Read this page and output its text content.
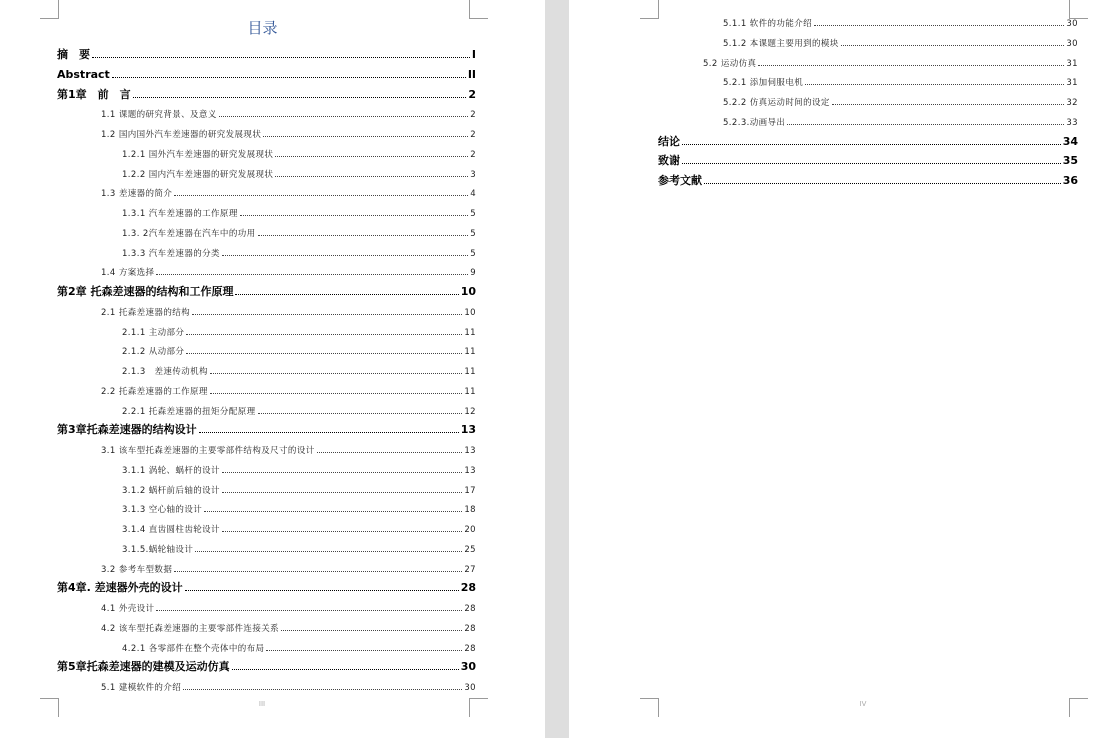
目录
摘　要	I
Abstract	II
第1章　前　言	2
1.1 课题的研究背景、及意义	2
1.2 国内国外汽车差速器的研究发展现状	2
1.2.1 国外汽车差速器的研究发展现状	2
1.2.2 国内汽车差速器的研究发展现状	3
1.3 差速器的简介	4
1.3.1 汽车差速器的工作原理	5
1.3. 2汽车差速器在汽车中的功用	5
1.3.3 汽车差速器的分类	5
1.4 方案选择	9
第2章 托森差速器的结构和工作原理	10
2.1 托森差速器的结构	10
2.1.1 主动部分	11
2.1.2 从动部分	11
2.1.3　差速传动机构	11
2.2 托森差速器的工作原理	11
2.2.1 托森差速器的扭矩分配原理	12
第3章托森差速器的结构设计	13
3.1 该车型托森差速器的主要零部件结构及尺寸的设计	13
3.1.1 涡轮、蜗杆的设计	13
3.1.2 蜗杆前后轴的设计	17
3.1.3 空心轴的设计	18
3.1.4 直齿圆柱齿轮设计	20
3.1.5.蜗轮轴设计	25
3.2 参考车型数据	27
第4章. 差速器外壳的设计	28
4.1 外壳设计	28
4.2 该车型托森差速器的主要零部件连接关系	28
4.2.1 各零部件在整个壳体中的布局	28
第5章托森差速器的建模及运动仿真	30
5.1 建模软件的介绍	30
III
5.1.1 软件的功能介绍	30
5.1.2 本课题主要用到的模块	30
5.2 运动仿真	31
5.2.1 添加伺服电机	31
5.2.2 仿真运动时间的设定	32
5.2.3.动画导出	33
结论	34
致谢	35
参考文献	36
IV
